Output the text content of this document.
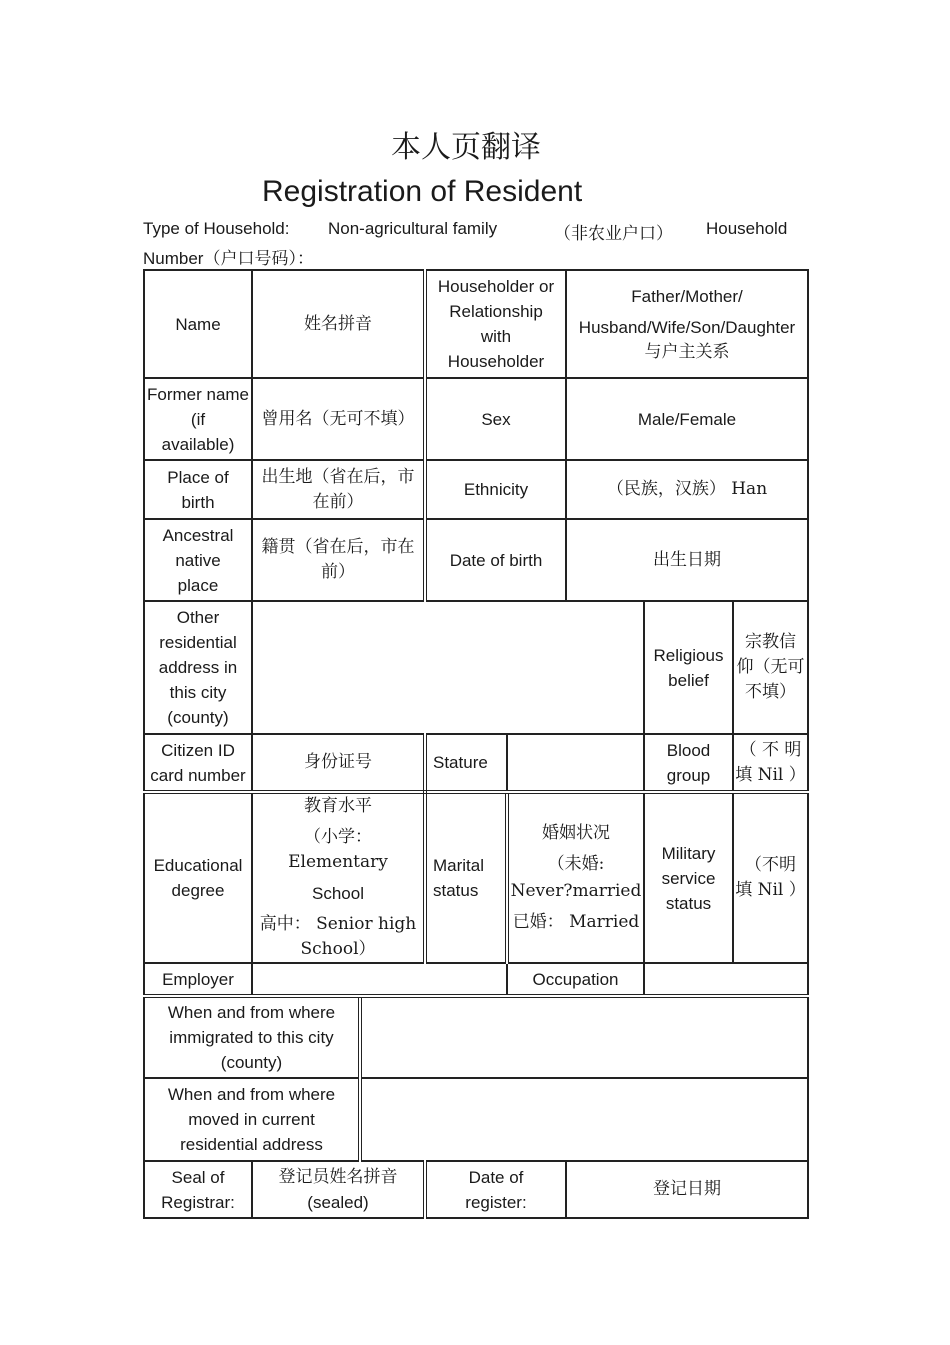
本人页翻译
Registration of Resident
Type of Household: Non-agricultural family	（非农业户口） Household
Number（户口号码）：
Name	姓名拼音		Householder or
Relationship
with
Householder		Father/Mother/
Husband/Wife/Son/Daughter
与户主关系		

Former name
(if
available)	曾用名（无可不填）		Sex		Male/Female		

Place of
birth	出生地（省在后，市
在前）		Ethnicity		（民族，汉族） Han		

Ancestral
native
place	籍贯（省在后，市在
前）		Date of birth		出生日期		

Other
residential
address in
this city
(county)						Religious
belief	宗教信
仰（无可
不填）

Citizen ID
card number	身份证号		Stature			Blood
group	（ 不 明
填 Nil ）

Educational
degree	教育水平
（小学： Elementary
School
高中： Senior high
School）		Marital
status	婚姻状况
（未婚:
Never?married
已婚： Married		Military
service
status	（不明
填 Nil ）

Employer				Occupation			

When and from where
immigrated to this city
(county)							

When and from where
moved in current
residential address							

Seal of
Registrar:	登记员姓名拼音
(sealed)		Date of
register:		登记日期		
